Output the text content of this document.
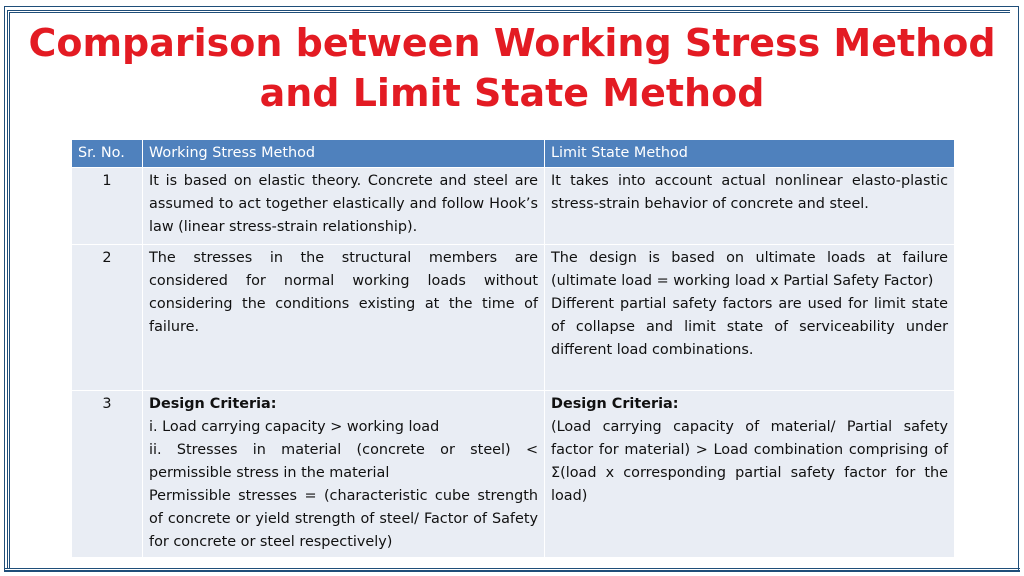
Comparison between Working Stress Method
and Limit State Method
Sr. No.	Working Stress Method	Limit State Method
1	It is based on elastic theory. Concrete and steel are assumed to act together elastically and follow Hook’s law (linear stress-strain relationship).	It takes into account actual nonlinear elasto-plastic stress-strain behavior of concrete and steel.

2	The stresses in the structural members are considered for normal working loads without considering the conditions existing at the time of failure.	The design is based on ultimate loads at failure (ultimate load = working load x Partial Safety Factor)
Different partial safety factors are used for limit state of collapse and limit state of serviceability under different load combinations.

3	Design Criteria:
i. Load carrying capacity > working load
ii. Stresses in material (concrete or steel) < permissible stress in the material
Permissible stresses = (characteristic cube strength of concrete or yield strength of steel/ Factor of Safety for concrete or steel respectively)	Design Criteria:
(Load carrying capacity of material/ Partial safety factor for material) > Load combination comprising of Σ(load x corresponding partial safety factor for the load)
